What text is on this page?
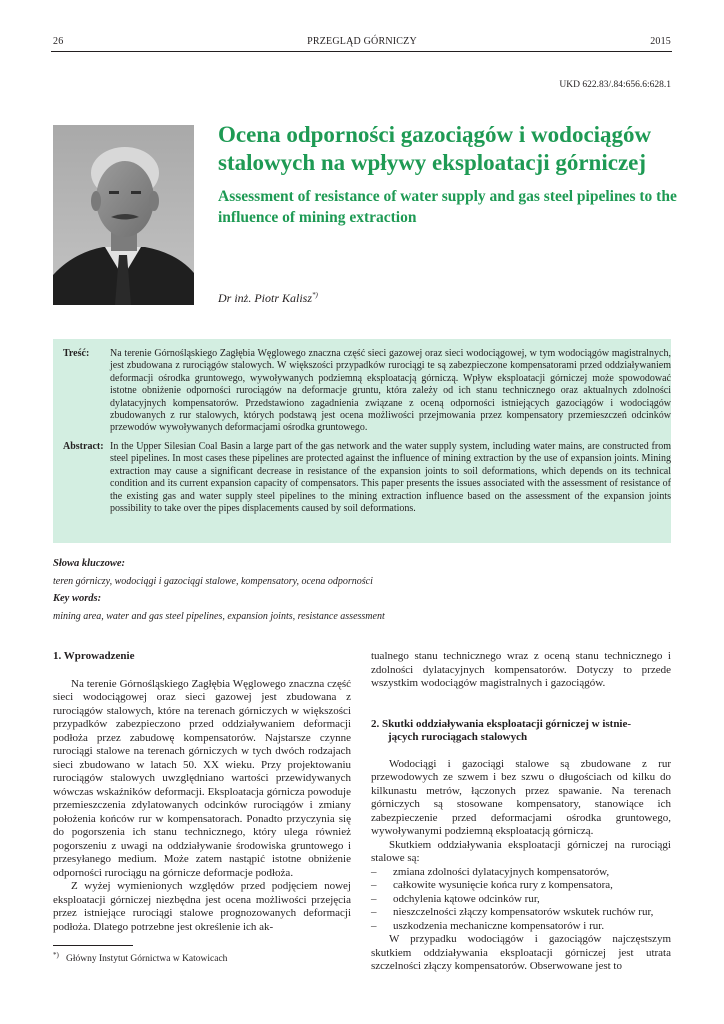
26	PRZEGLĄD GÓRNICZY	2015
UKD 622.83/.84:656.6:628.1
Ocena odporności gazociągów i wodociągów stalowych na wpływy eksploatacji górniczej
Assessment of resistance of water supply and gas steel pipelines to the influence of mining extraction
Dr inż. Piotr Kalisz*)
Treść: Na terenie Górnośląskiego Zagłębia Węglowego znaczna część sieci gazowej oraz sieci wodociągowej, w tym wodociągów magistralnych, jest zbudowana z rurociągów stalowych. W większości przypadków rurociągi te są zabezpieczone kompensatorami przed oddziaływaniem deformacji ośrodka gruntowego, wywoływanych podziemną eksploatacją górniczą. Wpływ eksploatacji górniczej może spowodować istotne obniżenie odporności rurociągów na deformacje gruntu, która zależy od ich stanu technicznego oraz aktualnych zdolności dylatacyjnych kompensatorów. Przedstawiono zagadnienia związane z oceną odporności istniejących gazociągów i wodociągów zbudowanych z rur stalowych, których podstawą jest ocena możliwości przejmowania przez kompensatory przemieszczeń odcinków przewodów wywoływanych deformacjami ośrodka gruntowego.
Abstract: In the Upper Silesian Coal Basin a large part of the gas network and the water supply system, including water mains, are constructed from steel pipelines. In most cases these pipelines are protected against the influence of mining extraction by the use of expansion joints. Mining extraction may cause a significant decrease in resistance of the expansion joints to soil deformations, which depends on its technical condition and its current expansion capacity of compensators. This paper presents the issues associated with the assessment of resistance of the existing gas and water supply steel pipelines to the mining extraction influence based on the assessment of the expansion joints possibility to take over the pipes displacements caused by soil deformations.
Słowa kluczowe:
teren górniczy, wodociągi i gazociągi stalowe, kompensatory, ocena odporności
Key words:
mining area, water and gas steel pipelines, expansion joints, resistance assessment
1. Wprowadzenie

Na terenie Górnośląskiego Zagłębia Węglowego znaczna część sieci wodociągowej oraz sieci gazowej jest zbudowana z rurociągów stalowych, które na terenach górniczych w większości przypadków zabezpieczono przed oddziaływaniem deformacji podłoża przez zabudowę kompensatorów. Najstarsze czynne rurociągi stalowe na terenach górniczych w tych dwóch rodzajach sieci zbudowano w latach 50. XX wieku. Przy projektowaniu rurociągów stalowych uwzględniano wartości przewidywanych wówczas wskaźników deformacji. Eksploatacja górnicza powoduje przemieszczenia zdylatowanych odcinków rurociągów i zmiany położenia końców rur w kompensatorach. Ponadto przyczynia się do pogorszenia ich stanu technicznego, który ulega również pogorszeniu z uwagi na oddziaływanie środowiska gruntowego i przesyłanego medium. Może zatem nastąpić istotne obniżenie odporności rurociągu na górnicze deformacje podłoża.

Z wyżej wymienionych względów przed podjęciem nowej eksploatacji górniczej niezbędna jest ocena możliwości przejęcia przez istniejące rurociągi stalowe prognozowanych deformacji podłoża. Dlatego potrzebne jest określenie ich ak-

tualnego stanu technicznego wraz z oceną stanu technicznego i zdolności dylatacyjnych kompensatorów. Dotyczy to przede wszystkim wodociągów magistralnych i gazociągów.

2. Skutki oddziaływania eksploatacji górniczej w istnie-
jących rurociągach stalowych

Wodociągi i gazociągi stalowe są zbudowane z rur przewodowych ze szwem i bez szwu o długościach od kilku do kilkunastu metrów, łączonych przez spawanie. Na terenach górniczych są stosowane kompensatory, stanowiące ich zabezpieczenie przed deformacjami ośrodka gruntowego, wywoływanymi podziemną eksploatacją górniczą.

Skutkiem oddziaływania eksploatacji górniczej na rurociągi stalowe są:

– zmiana zdolności dylatacyjnych kompensatorów,
– całkowite wysunięcie końca rury z kompensatora,
– odchylenia kątowe odcinków rur,
– nieszczelności złączy kompensatorów wskutek ruchów rur,
– uszkodzenia mechaniczne kompensatorów i rur.

W przypadku wodociągów i gazociągów najczęstszym skutkiem oddziaływania eksploatacji górniczej jest utrata szczelności złączy kompensatorów. Obserwowane jest to

*) Główny Instytut Górnictwa w Katowicach
